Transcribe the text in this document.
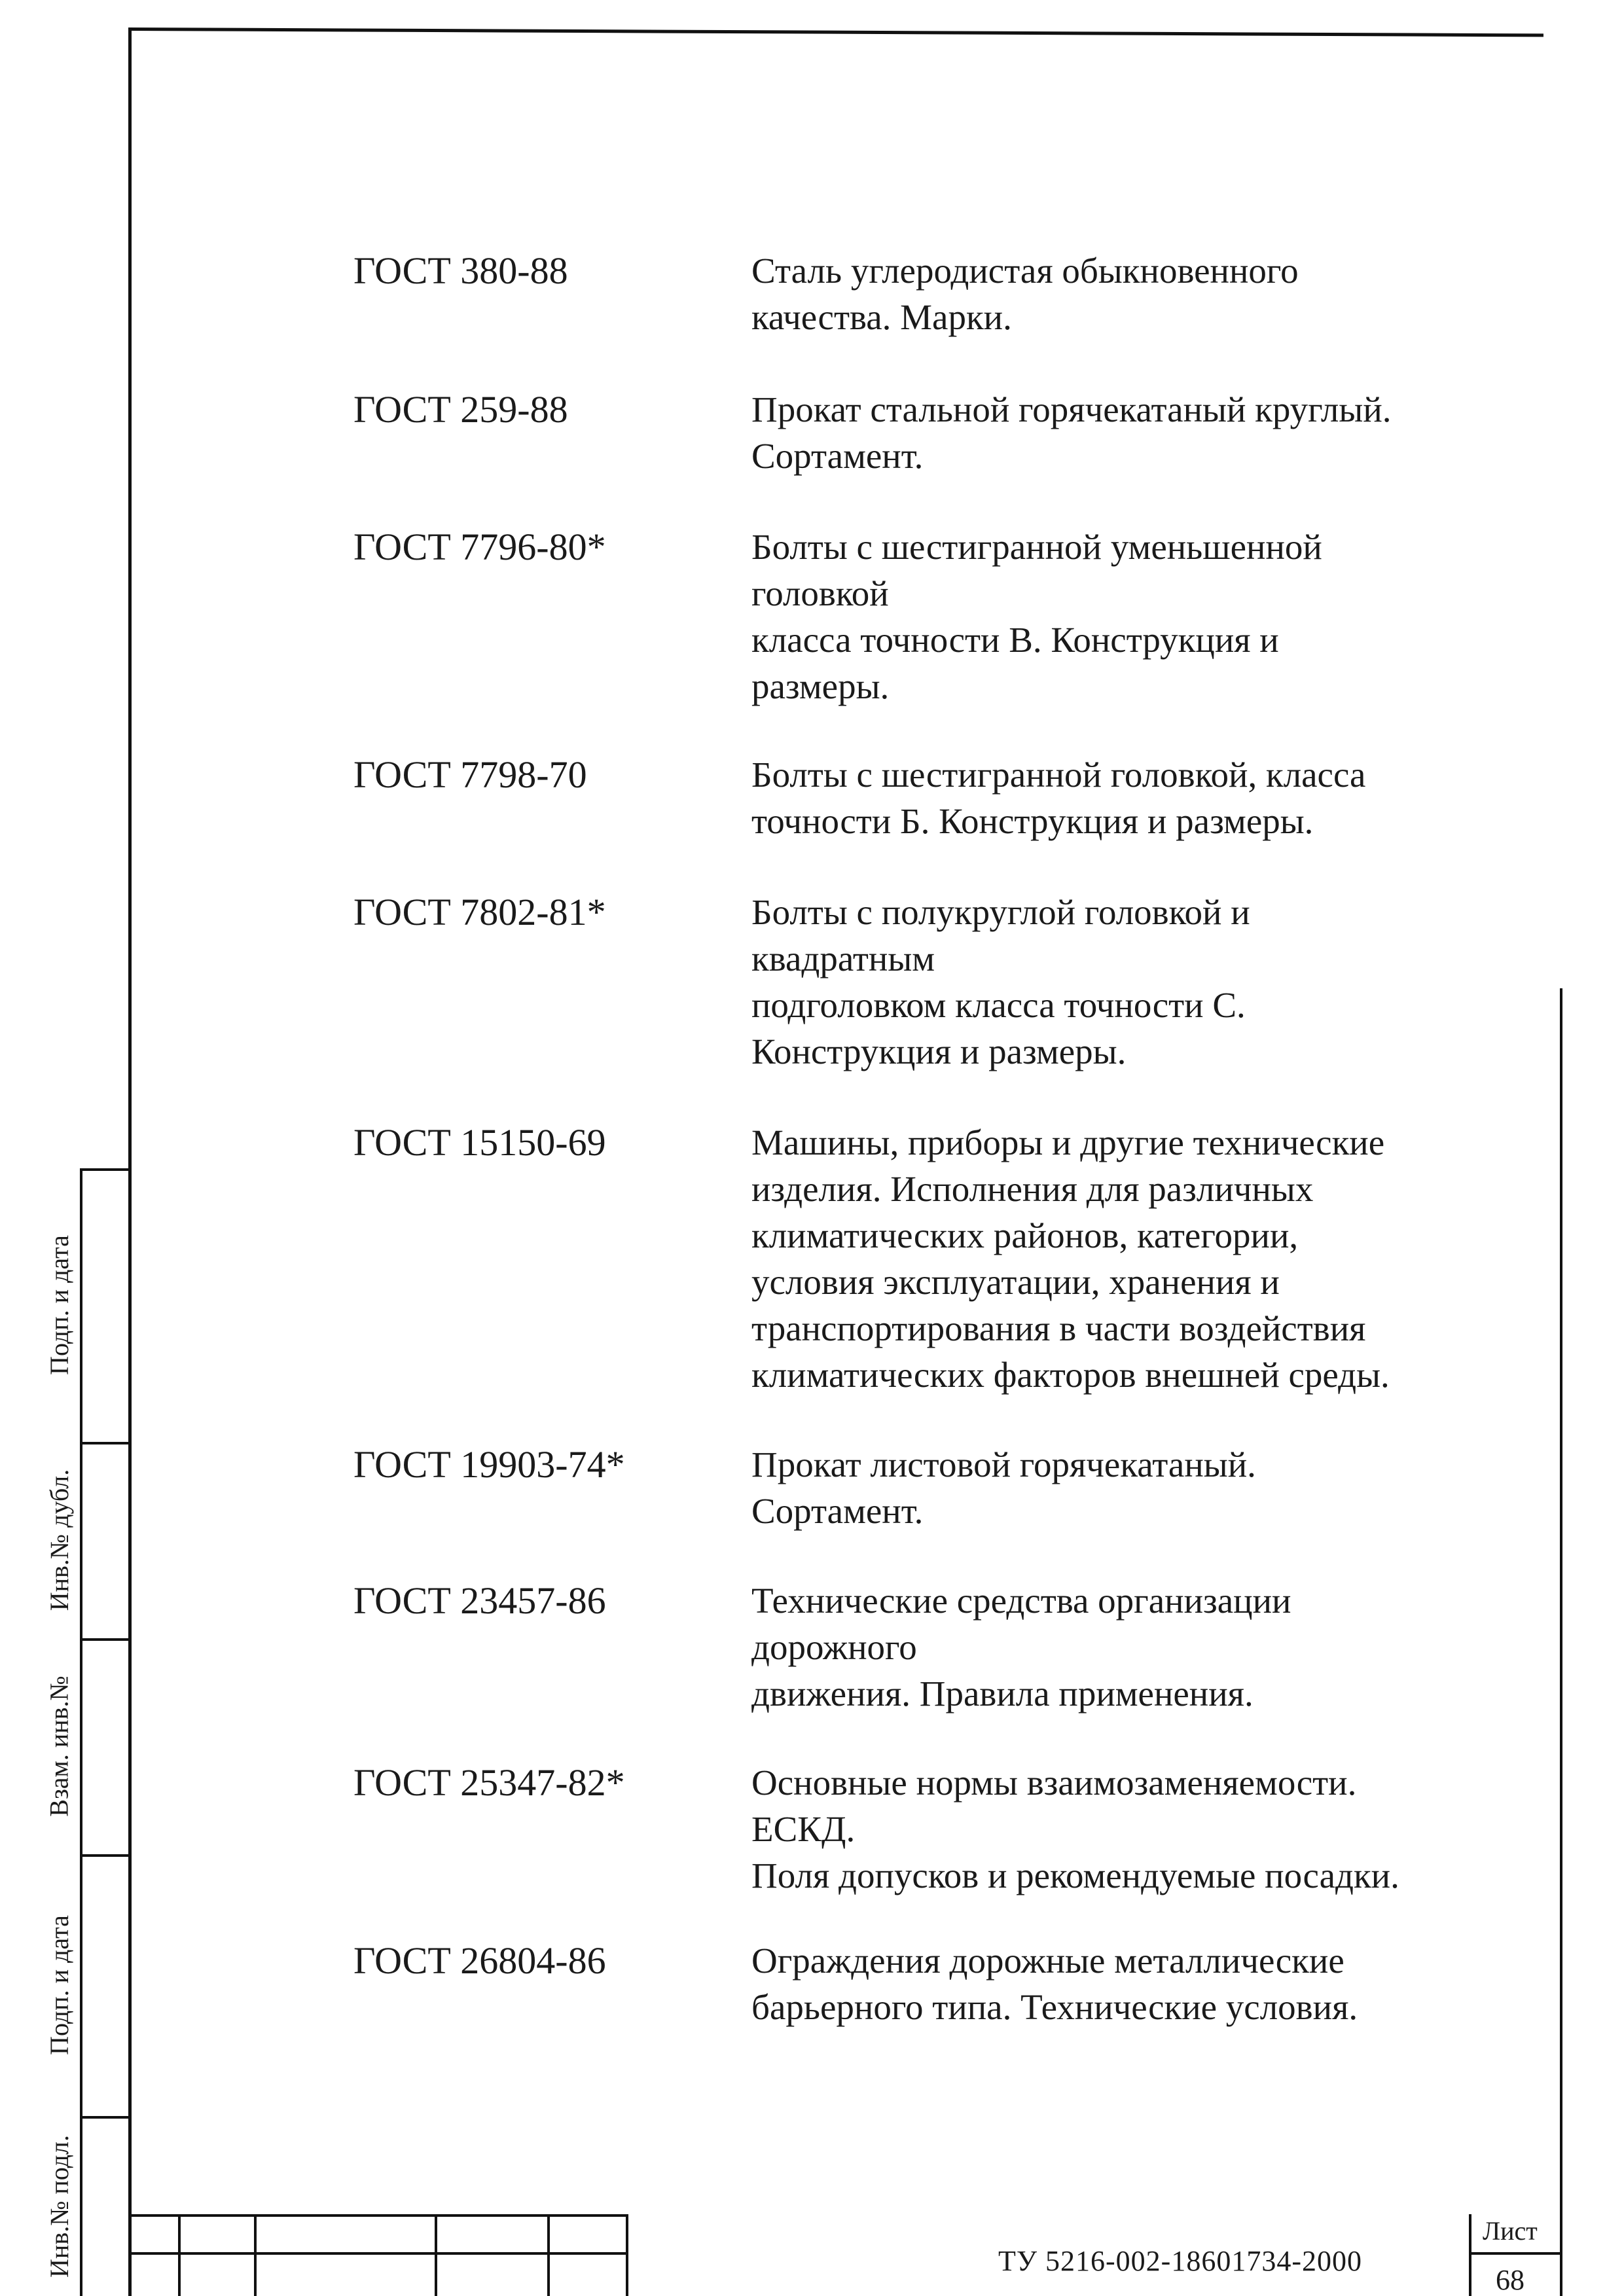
ГОСТ 380-88	Сталь углеродистая обыкновенного
качества. Марки.
ГОСТ 259-88	Прокат стальной горячекатаный круглый.
Сортамент.
ГОСТ 7796-80*	Болты с шестигранной уменьшенной
головкой
класса точности В. Конструкция и
размеры.
ГОСТ 7798-70	Болты с шестигранной головкой, класса
точности Б. Конструкция и размеры.
ГОСТ 7802-81*	Болты с полукруглой головкой и
квадратным
подголовком класса точности С.
Конструкция и размеры.
ГОСТ 15150-69	Машины, приборы и другие технические
изделия. Исполнения для различных
климатических районов, категории,
условия эксплуатации, хранения и
транспортирования в части воздействия
климатических факторов внешней среды.
ГОСТ 19903-74*	Прокат листовой горячекатаный.
Сортамент.
ГОСТ 23457-86	Технические средства организации
дорожного
движения. Правила применения.
ГОСТ 25347-82*	Основные нормы взаимозаменяемости.
ЕСКД.
Поля допусков и рекомендуемые посадки.
ГОСТ 26804-86	Ограждения дорожные металлические
барьерного типа. Технические условия.
Подп. и дата
Инв.№ дубл.
Взам. инв.№
Подп. и дата
Инв.№ подл.	ТУ 5216-002-18601734-2000
Лист
68
